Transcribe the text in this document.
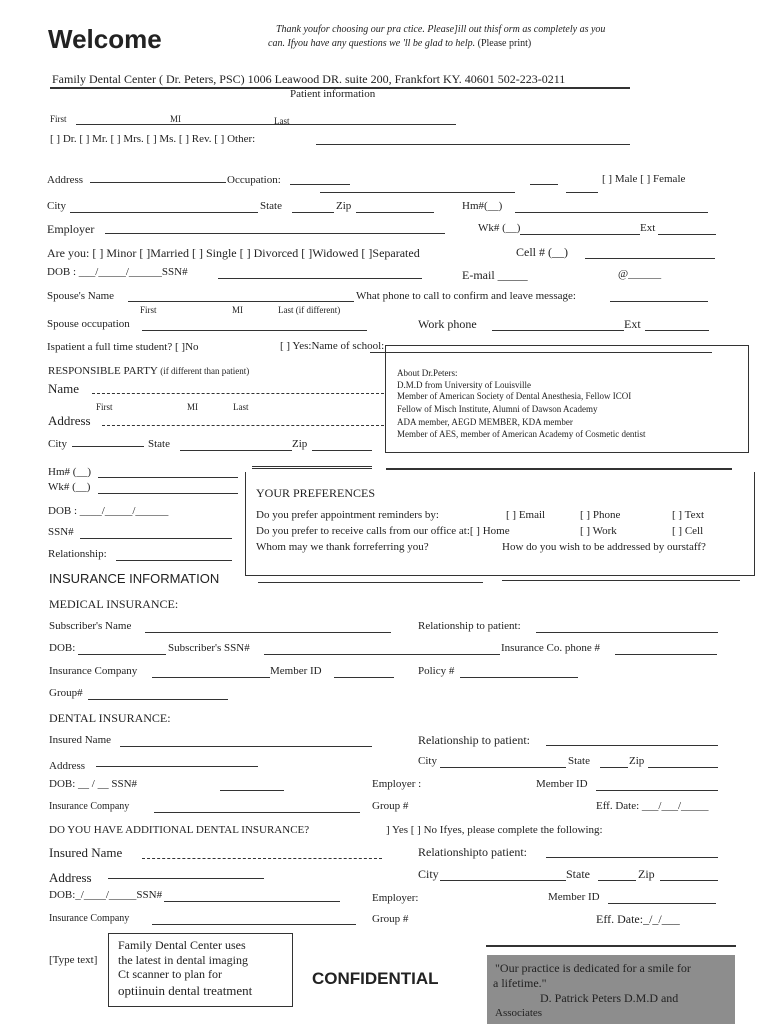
Welcome	Thank youfor choosing our pra ctice. Please]ill out thisf orm as completely as you
can. Ifyou have any questions we 'll be glad to help. (Please print)
Family Dental Center ( Dr. Peters, PSC) 1006 Leawood DR. suite 200, Frankfort KY. 40601 502-223-0211
Patient information
First	MI	Last
[ ] Dr. [ ] Mr. [ ] Mrs. [ ] Ms. [ ] Rev. [ ] Other:
Address	Occupation:	[ ] Male [ ] Female
City	State	Zip	Hm#(__)
Employer	Wk# (__)	Ext
Are you: [ ] Minor [ ]Married [ ] Single [ ] Divorced [ ]Widowed [ ]Separated	Cell # (__)
DOB : ___/_____/______SSN#	E-mail _____	@______
Spouse's Name	What phone to call to confirm and leave message:
First	MI	Last (if different)
Spouse occupation	Work phone	Ext
Ispatient a full time student? [ ]No	[ ] Yes:Name of school:
About Dr.Peters:
D.M.D from University of Louisville
Member of American Society of Dental Anesthesia, Fellow ICOI
Fellow of Misch Institute, Alumni of Dawson Academy
ADA member, AEGD MEMBER, KDA member
Member of AES, member of American Academy of Cosmetic dentist
RESPONSIBLE PARTY (if different than patient)
Name
First	MI	Last
Address
City	State	Zip
Hm# (__)
Wk# (__)
DOB : ____/_____/______
SSN#
Relationship:
YOUR PREFERENCES
Do you prefer appointment reminders by:	[ ] Email	[ ] Phone	[ ] Text
Do you prefer to receive calls from our office at:[ ] Home	[ ] Work	[ ] Cell
Whom may we thank forreferring you?	How do you wish to be addressed by ourstaff?
INSURANCE INFORMATION
MEDICAL INSURANCE:
Subscriber's Name	Relationship to patient:
DOB:	Subscriber's SSN#	Insurance Co. phone #
Insurance Company	Member ID	Policy #
Group#
DENTAL INSURANCE:
Insured Name	Relationship to patient:
Address	City	State	Zip
DOB: __ / __ SSN#	Employer :	Member ID
Insurance Company	Group #	Eff. Date: ___/___/_____
DO YOU HAVE ADDITIONAL DENTAL INSURANCE?	] Yes [ ] No Ifyes, please complete the following:
Insured Name	Relationshipto patient:
Address	City	State	Zip
DOB:_/____/_____SSN#	Employer:	Member ID
Insurance Company	Group #	Eff. Date:_/_/___
[Type text]
Family Dental Center uses
the latest in dental imaging
Ct scanner to plan for
optiinuin dental treatment
CONFIDENTIAL
"Our practice is dedicated for a smile for
a lifetime."
D. Patrick Peters D.M.D and
Associates
